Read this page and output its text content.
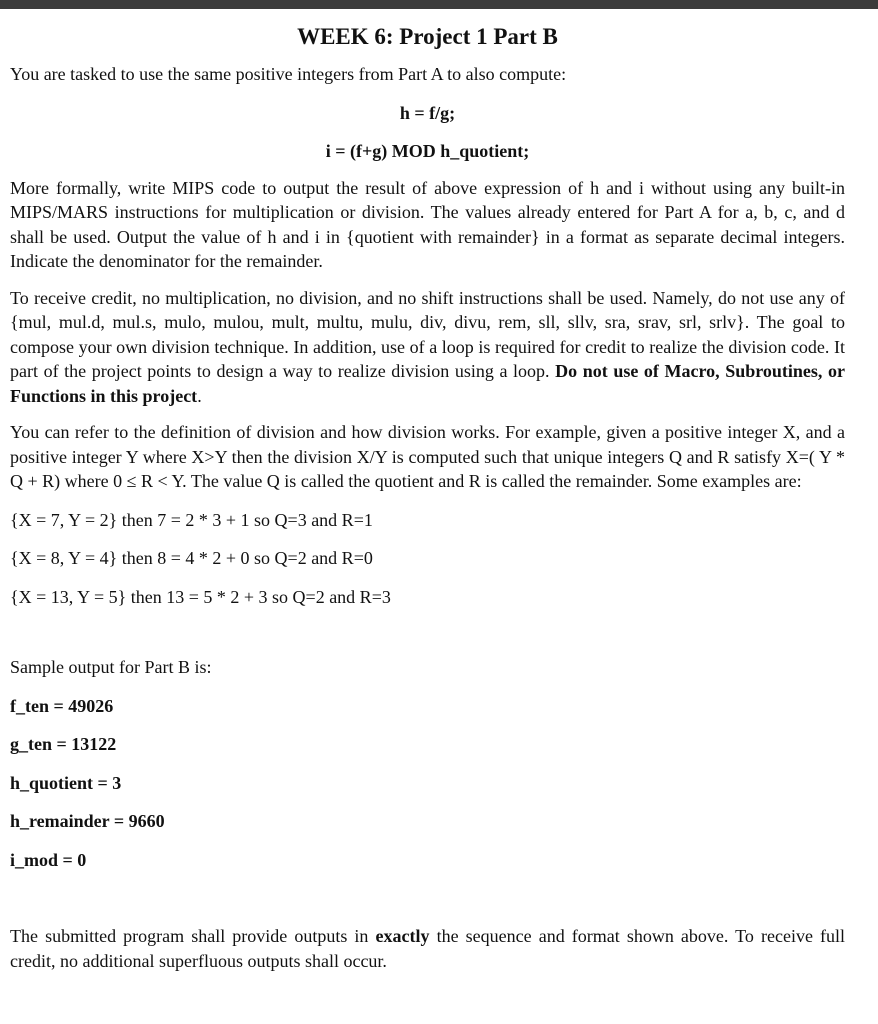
WEEK 6: Project 1 Part B
You are tasked to use the same positive integers from Part A to also compute:
h = f/g;
i = (f+g) MOD h_quotient;
More formally, write MIPS code to output the result of above expression of h and i without using any built-in MIPS/MARS instructions for multiplication or division. The values already entered for Part A for a, b, c, and d shall be used. Output the value of h and i in {quotient with remainder} in a format as separate decimal integers. Indicate the denominator for the remainder.
To receive credit, no multiplication, no division, and no shift instructions shall be used. Namely, do not use any of {mul, mul.d, mul.s, mulo, mulou, mult, multu, mulu, div, divu, rem, sll, sllv, sra, srav, srl, srlv}. The goal to compose your own division technique. In addition, use of a loop is required for credit to realize the division code. It part of the project points to design a way to realize division using a loop. Do not use of Macro, Subroutines, or Functions in this project.
You can refer to the definition of division and how division works. For example, given a positive integer X, and a positive integer Y where X>Y then the division X/Y is computed such that unique integers Q and R satisfy X=( Y * Q + R) where 0 ≤ R < Y. The value Q is called the quotient and R is called the remainder. Some examples are:
{X = 7, Y = 2} then 7 = 2 * 3 + 1 so Q=3 and R=1
{X = 8, Y = 4} then 8 = 4 * 2 + 0 so Q=2 and R=0
{X = 13, Y = 5} then 13 = 5 * 2 + 3 so Q=2 and R=3
Sample output for Part B is:
f_ten = 49026
g_ten = 13122
h_quotient = 3
h_remainder = 9660
i_mod = 0
The submitted program shall provide outputs in exactly the sequence and format shown above. To receive full credit, no additional superfluous outputs shall occur.
